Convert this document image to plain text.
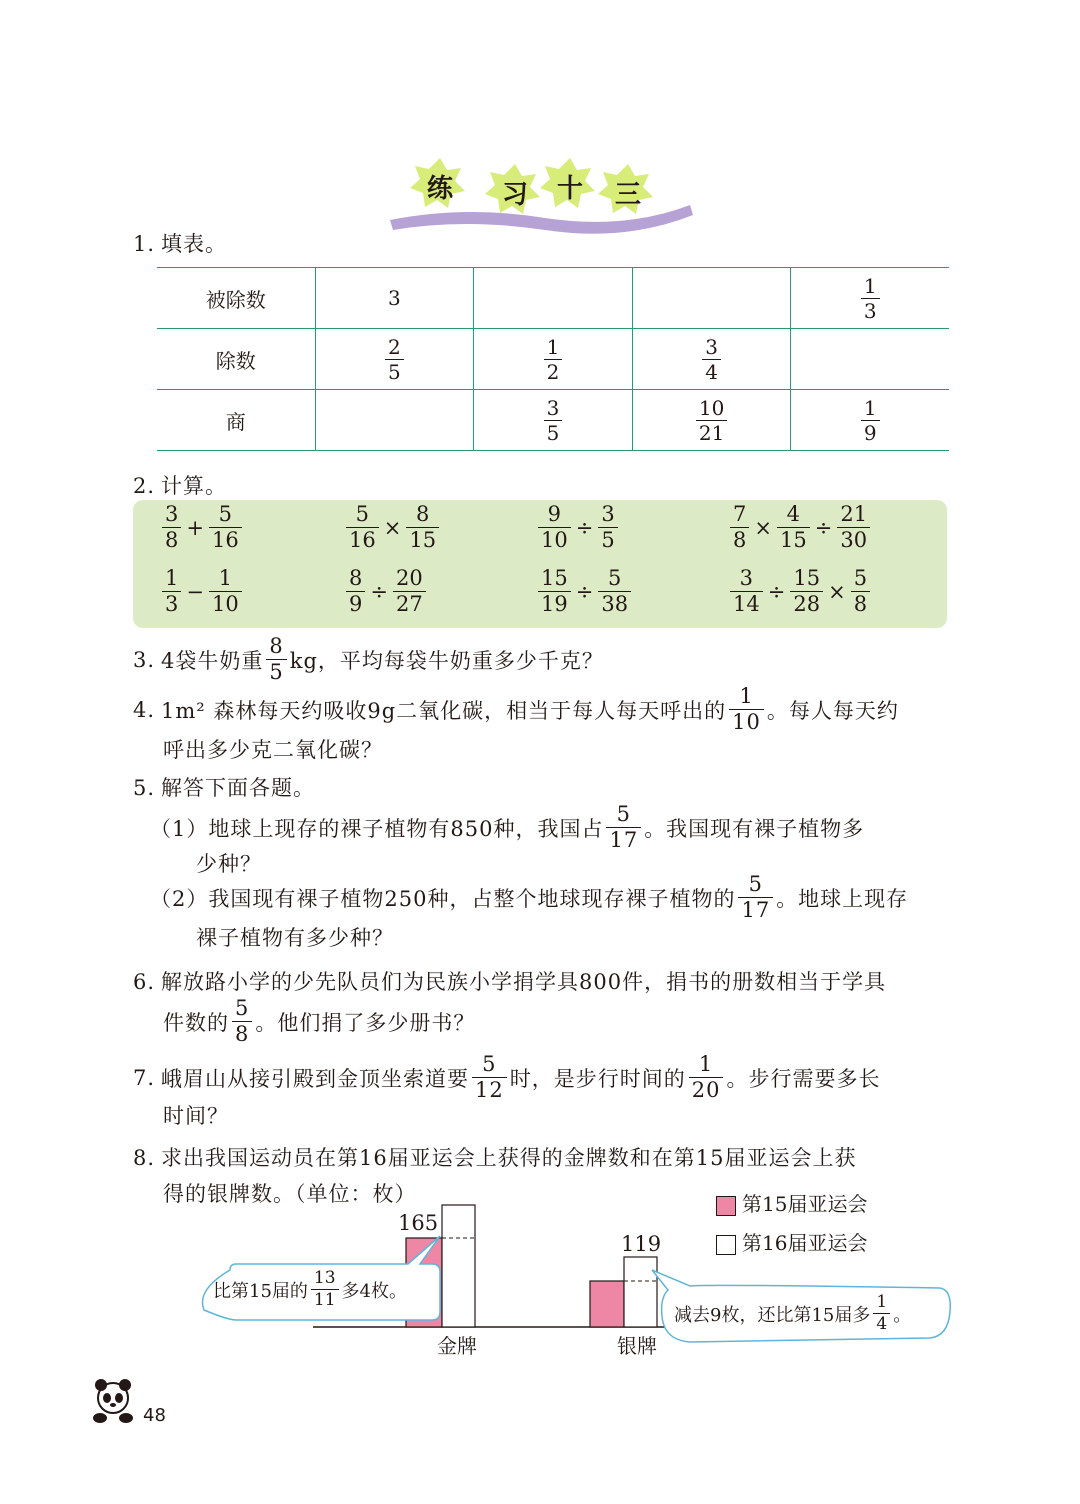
练 习 十 三
1. 填表。
被除数	3			$\frac{1}{3}$

除数	$\frac{2}{5}$	$\frac{1}{2}$	$\frac{3}{4}$

商		$\frac{3}{5}$	$\frac{10}{21}$	$\frac{1}{9}$
2. 计算。
$\frac{3}{8} + \frac{5}{16}$	$\frac{5}{16} \times \frac{8}{15}$	$\frac{9}{10} \div \frac{3}{5}$	$\frac{7}{8} \times \frac{4}{15} \div \frac{21}{30}$
$\frac{1}{3} - \frac{1}{10}$	$\frac{8}{9} \div \frac{20}{27}$	$\frac{15}{19} \div \frac{5}{38}$	$\frac{3}{14} \div \frac{15}{28} \times \frac{5}{8}$
3. 4袋牛奶重 $\frac{8}{5}$ kg，平均每袋牛奶重多少千克？
4. 1m² 森林每天约吸收9g二氧化碳，相当于每人每天呼出的 $\frac{1}{10}$ 。每人每天约
呼出多少克二氧化碳？
5. 解答下面各题。
（1）地球上现存的裸子植物有850种，我国占 $\frac{5}{17}$ 。我国现有裸子植物多
少种？
（2）我国现有裸子植物250种，占整个地球现存裸子植物的 $\frac{5}{17}$ 。地球上现存
裸子植物有多少种？
6. 解放路小学的少先队员们为民族小学捐学具800件，捐书的册数相当于学具
件数的 $\frac{5}{8}$ 。他们捐了多少册书？
7. 峨眉山从接引殿到金顶坐索道要 $\frac{5}{12}$ 时，是步行时间的 $\frac{1}{20}$ 。步行需要多长
时间？
8. 求出我国运动员在第16届亚运会上获得的金牌数和在第15届亚运会上获
得的银牌数。（单位：枚）	第15届亚运会
第16届亚运会
165
119
金牌	银牌
比第15届的 $\frac{13}{11}$ 多4枚。
减去9枚，还比第15届多 $\frac{1}{4}$ 。
48
